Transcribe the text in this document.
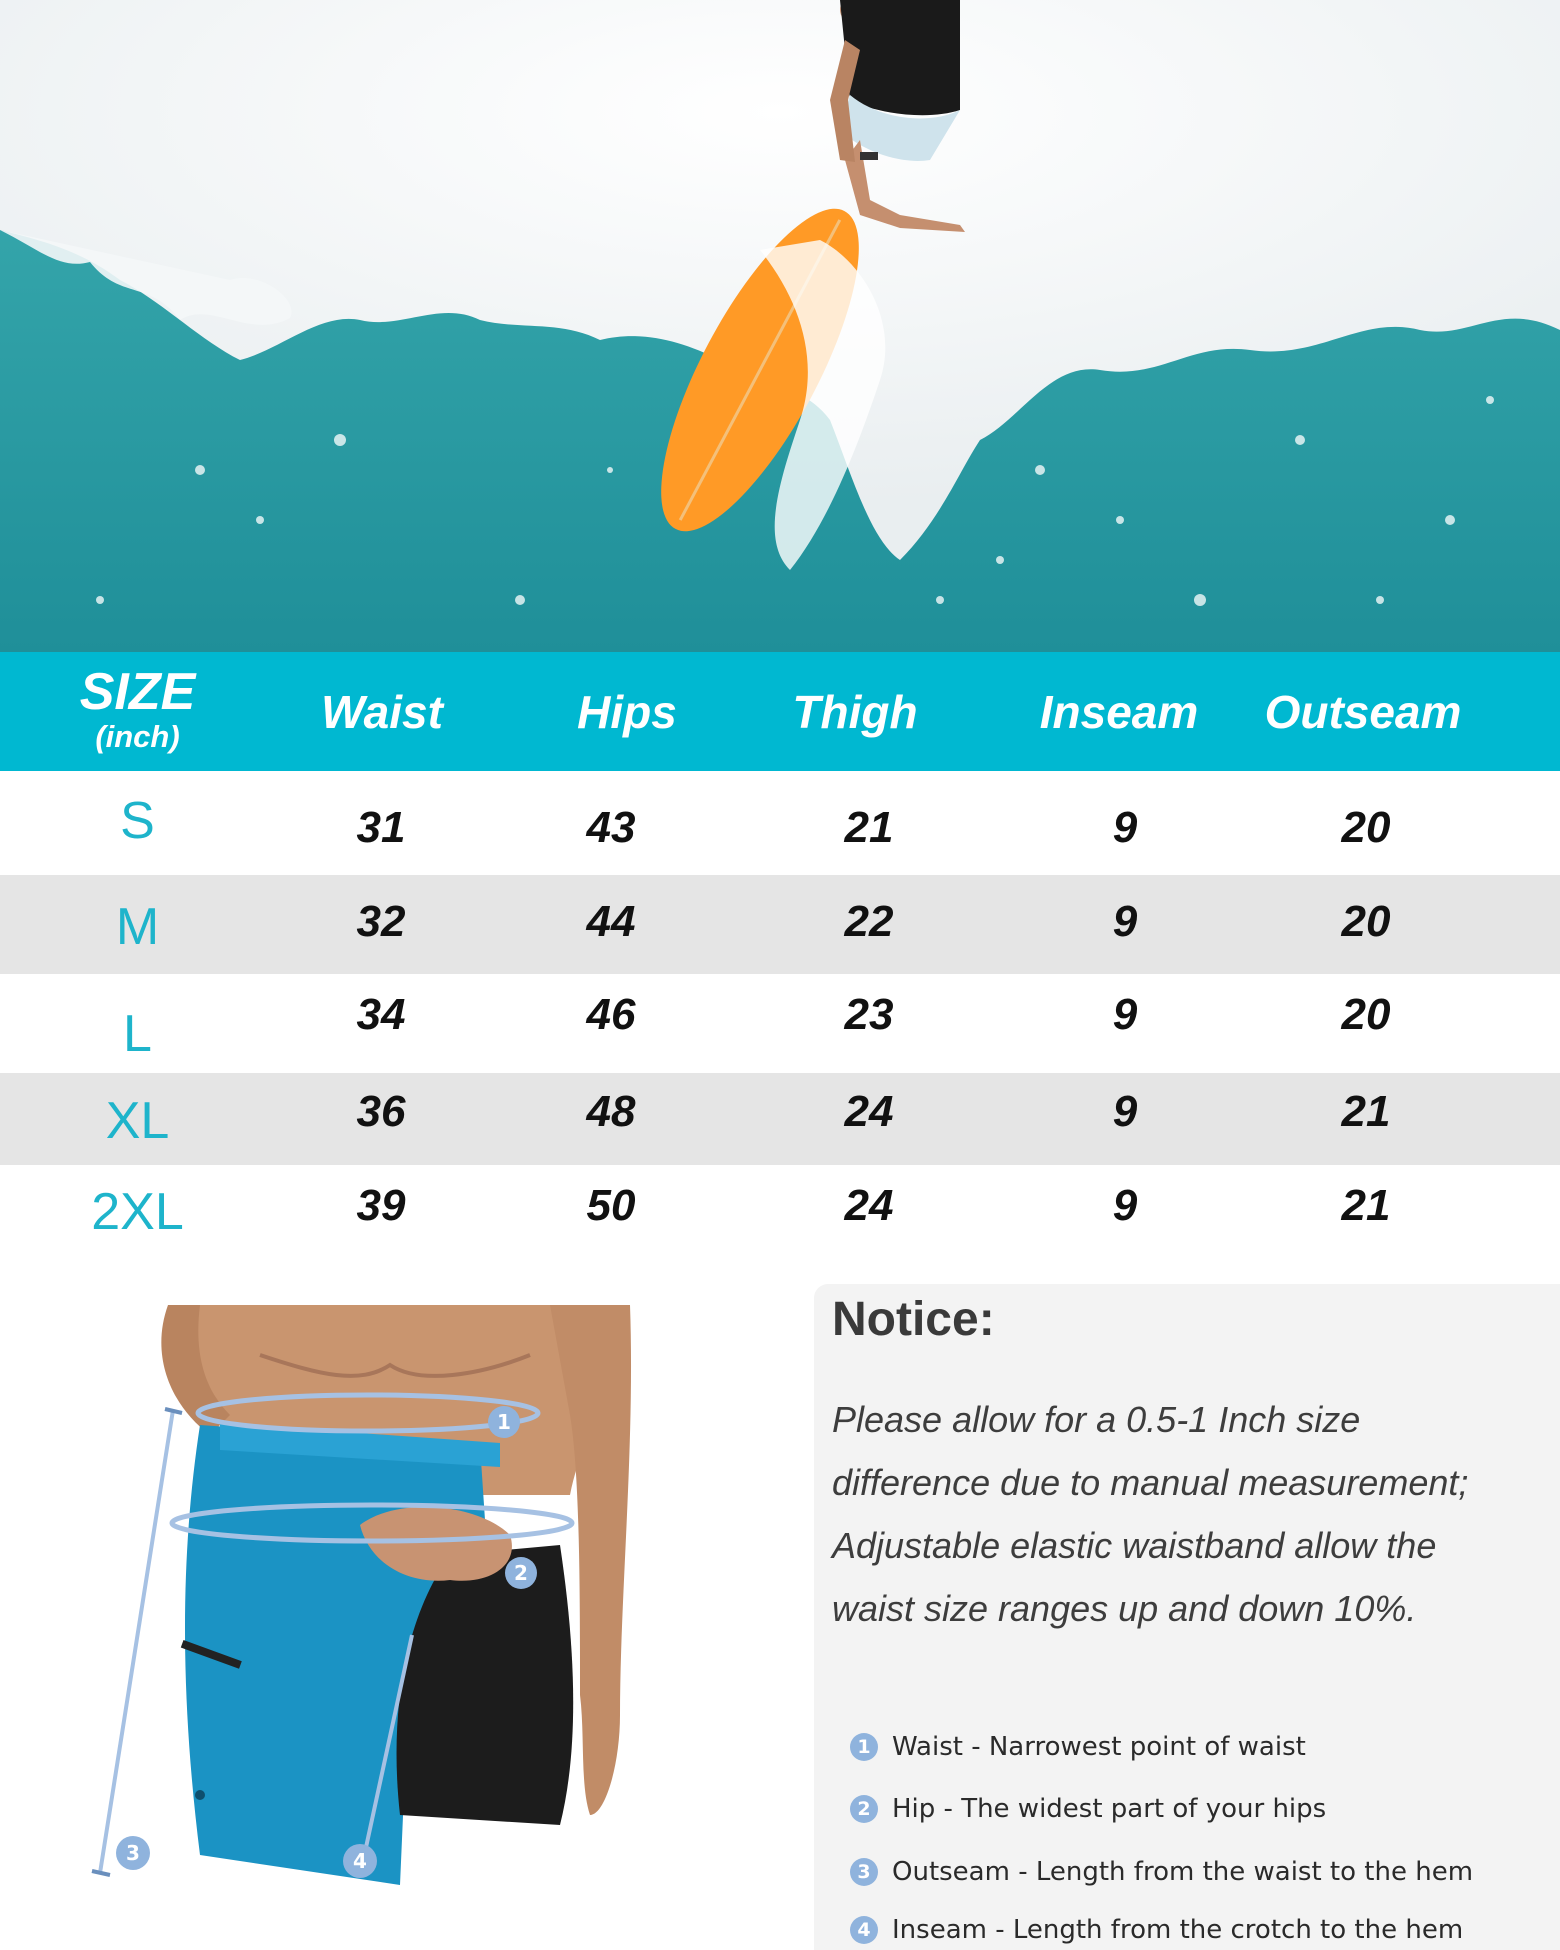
SIZE
(inch)	Waist	Hips	Thigh	Inseam	Outseam
S	31	43	21	9	20
M	32	44	22	9	20
L	34	46	23	9	20
XL	36	48	24	9	21
2XL	39	50	24	9	21
1
2
3	4
Notice:
Please allow for a 0.5-1 Inch size
difference due to manual measurement;
Adjustable elastic waistband allow the
waist size ranges up and down 10%.
1 Waist - Narrowest point of waist
2 Hip - The widest part of your hips
3 Outseam - Length from the waist to the hem
4 Inseam - Length from the crotch to the hem
